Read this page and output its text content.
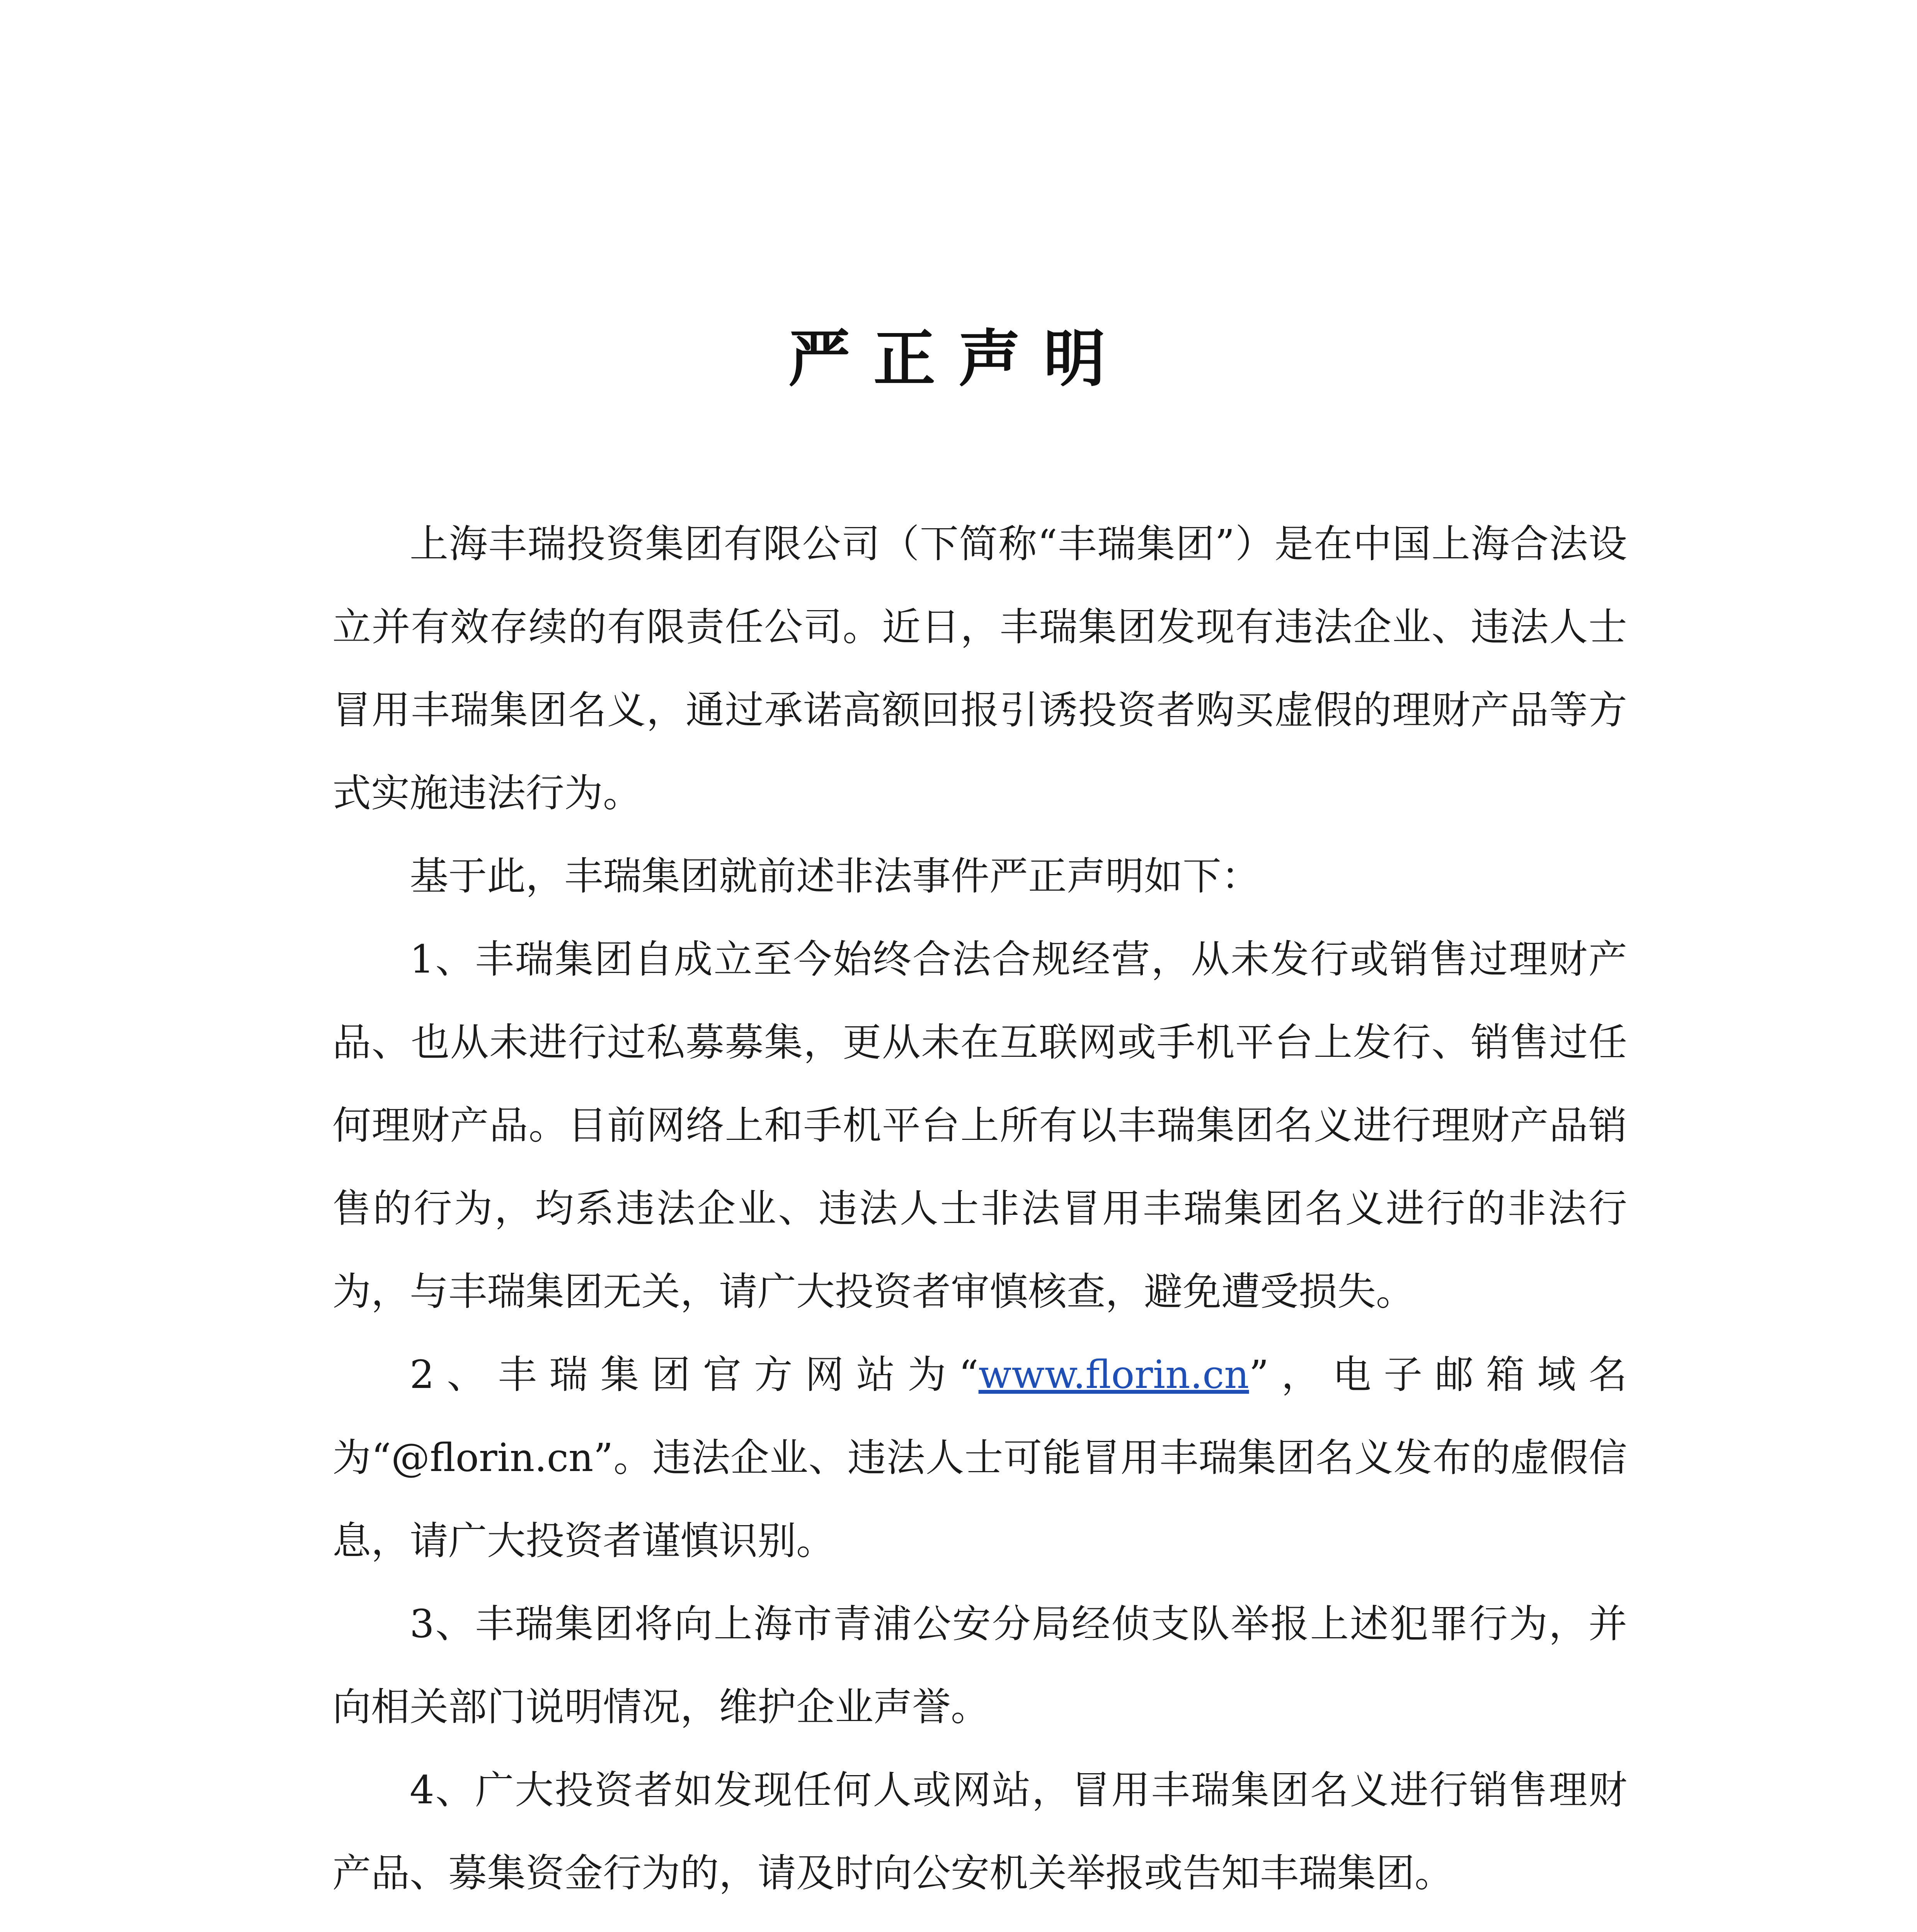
严正声明

上海丰瑞投资集团有限公司（下简称“丰瑞集团”）是在中国上海合法设立并有效存续的有限责任公司。近日，丰瑞集团发现有违法企业、违法人士冒用丰瑞集团名义，通过承诺高额回报引诱投资者购买虚假的理财产品等方式实施违法行为。

基于此，丰瑞集团就前述非法事件严正声明如下：

1、丰瑞集团自成立至今始终合法合规经营，从未发行或销售过理财产品、也从未进行过私募募集，更从未在互联网或手机平台上发行、销售过任何理财产品。目前网络上和手机平台上所有以丰瑞集团名义进行理财产品销售的行为，均系违法企业、违法人士非法冒用丰瑞集团名义进行的非法行为，与丰瑞集团无关，请广大投资者审慎核查，避免遭受损失。

2、丰瑞集团官方网站为“www.florin.cn”，电子邮箱域名为“@florin.cn”。违法企业、违法人士可能冒用丰瑞集团名义发布的虚假信息，请广大投资者谨慎识别。

3、丰瑞集团将向上海市青浦公安分局经侦支队举报上述犯罪行为，并向相关部门说明情况，维护企业声誉。

4、广大投资者如发现任何人或网站，冒用丰瑞集团名义进行销售理财产品、募集资金行为的，请及时向公安机关举报或告知丰瑞集团。
